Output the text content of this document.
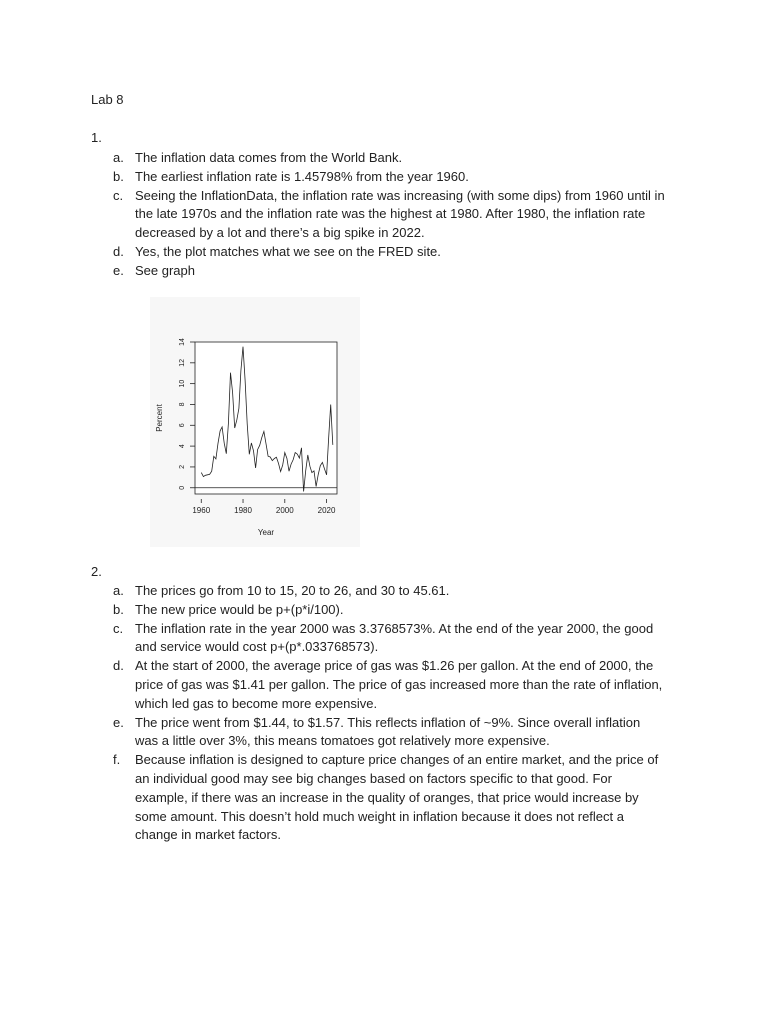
Lab 8
1.
a. The inflation data comes from the World Bank.
b. The earliest inflation rate is 1.45798% from the year 1960.
c. Seeing the InflationData, the inflation rate was increasing (with some dips) from 1960 until in the late 1970s and the inflation rate was the highest at 1980. After 1980, the inflation rate decreased by a lot and there’s a big spike in 2022.
d. Yes, the plot matches what we see on the FRED site.
e. See graph
1960	1980	2000	2020
0
2
4
6
8
10
12
14
Year
Percent
2.
a. The prices go from 10 to 15, 20 to 26, and 30 to 45.61.
b. The new price would be p+(p*i/100).
c. The inflation rate in the year 2000 was 3.3768573%. At the end of the year 2000, the good and service would cost p+(p*.033768573).
d. At the start of 2000, the average price of gas was $1.26 per gallon. At the end of 2000, the price of gas was $1.41 per gallon. The price of gas increased more than the rate of inflation, which led gas to become more expensive.
e. The price went from $1.44, to $1.57. This reflects inflation of ~9%. Since overall inflation was a little over 3%, this means tomatoes got relatively more expensive.
f. Because inflation is designed to capture price changes of an entire market, and the price of an individual good may see big changes based on factors specific to that good. For example, if there was an increase in the quality of oranges, that price would increase by some amount. This doesn’t hold much weight in inflation because it does not reflect a change in market factors.
